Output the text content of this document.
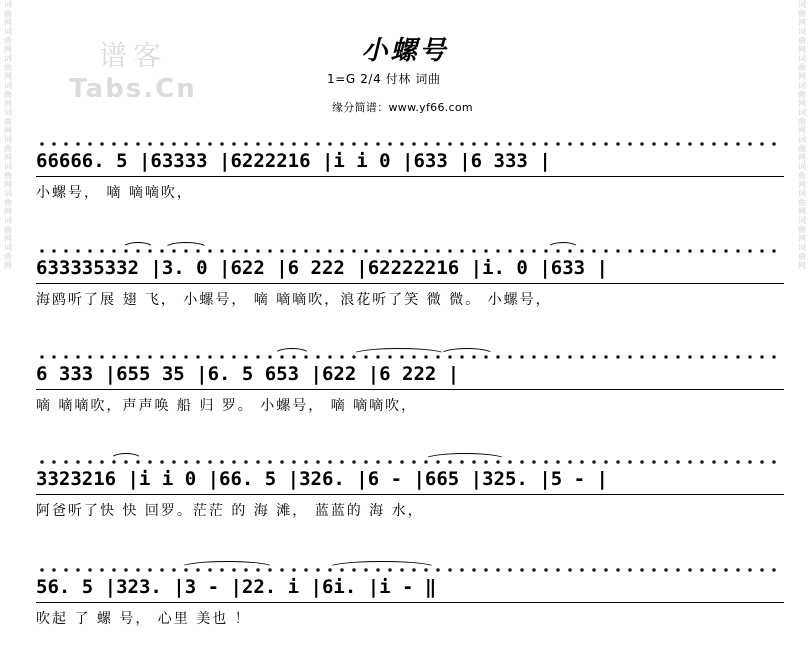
词曲网词曲网词曲网词曲网词曲网词曲网词曲网词曲网词曲网词曲网
词曲网词曲网词曲网词曲网词曲网词曲网词曲网词曲网词曲网词曲网
谱客
Tabs.Cn
小螺号
1=G 2/4 付林 词曲
缘分简谱：www.yf66.com
66666. 5 |63333 |6222216 |i i 0 |633 |6 333 |
小螺号， 嘀 嘀嘀吹，
633335332 |3. 0 |622 |6 222 |62222216 |i. 0 |633 |
海鸥听了展 翅 飞， 小螺号， 嘀 嘀嘀吹，浪花听了笑 微 微。 小螺号，
6 333 |655 35 |6. 5 653 |622 |6 222 |
嘀 嘀嘀吹，声声唤 船 归 罗。 小螺号， 嘀 嘀嘀吹，
3323216 |i i 0 |66. 5 |326. |6 - |665 |325. |5 - |
阿爸听了快 快 回罗。茫茫 的 海 滩， 蓝蓝的 海 水，
56. 5 |323. |3 - |22. i |6i. |i - ‖
吹起 了 螺 号， 心里 美也 ！
